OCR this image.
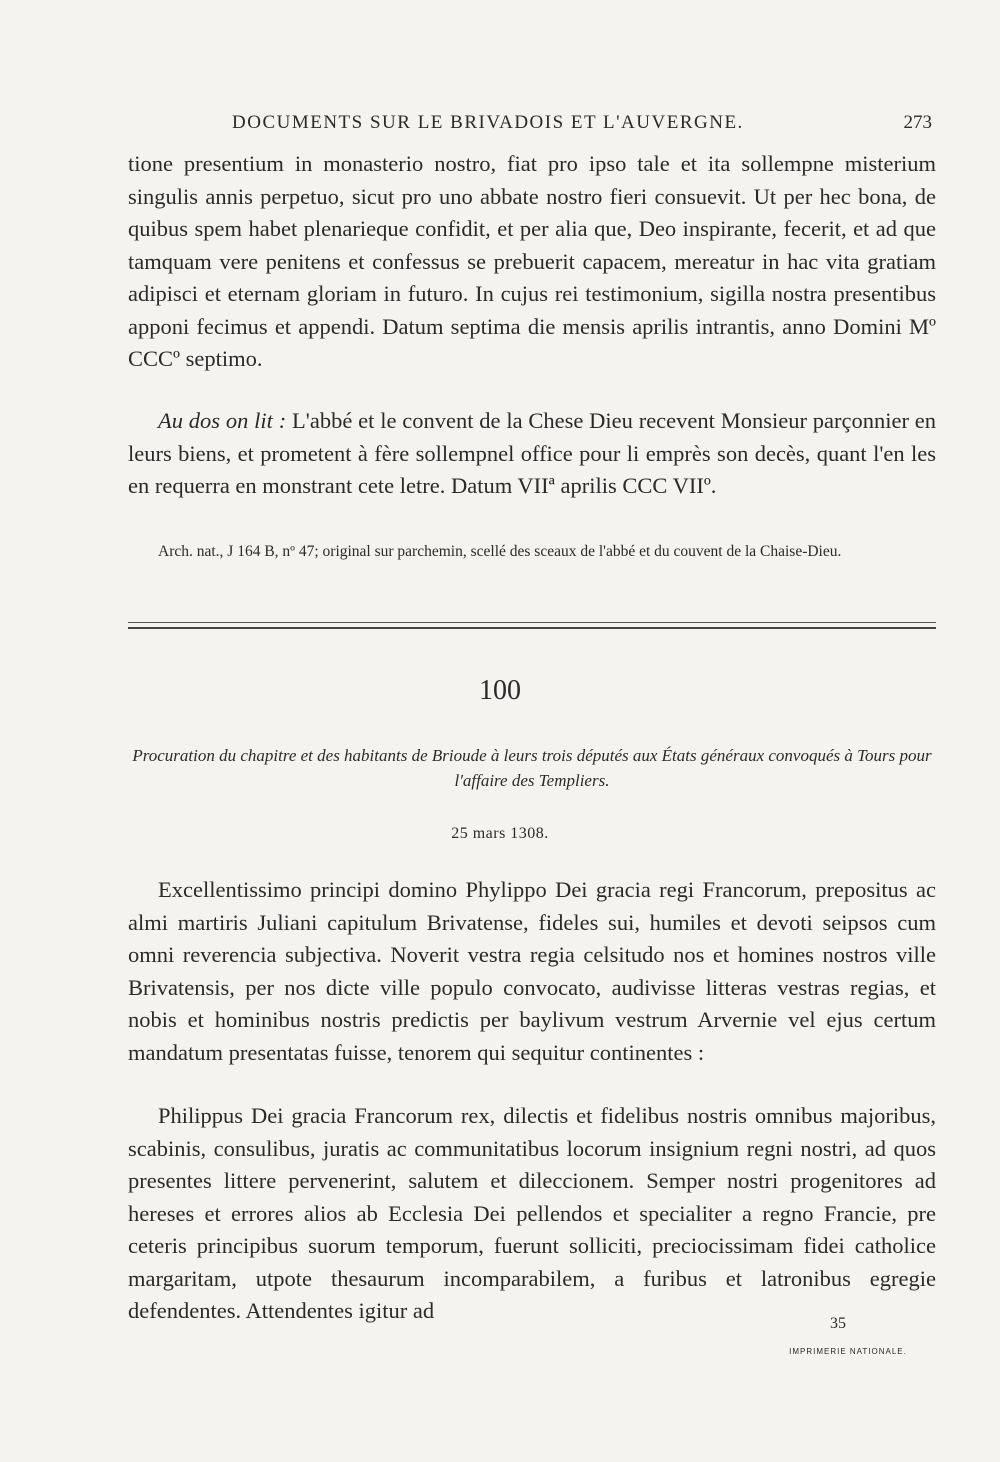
DOCUMENTS SUR LE BRIVADOIS ET L'AUVERGNE.	273

tione presentium in monasterio nostro, fiat pro ipso tale et ita sollempne misterium singulis annis perpetuo, sicut pro uno abbate nostro fieri consuevit. Ut per hec bona, de quibus spem habet plenarieque confidit, et per alia que, Deo inspirante, fecerit, et ad que tamquam vere penitens et confessus se prebuerit capacem, mereatur in hac vita gratiam adipisci et eternam gloriam in futuro. In cujus rei testimonium, sigilla nostra presentibus apponi fecimus et appendi. Datum septima die mensis aprilis intrantis, anno Domini Mº CCCº septimo.

Au dos on lit : L'abbé et le convent de la Chese Dieu recevent Monsieur parçonnier en leurs biens, et prometent à fère sollempnel office pour li emprès son decès, quant l'en les en requerra en monstrant cete letre. Datum VIIª aprilis CCC VIIº.

Arch. nat., J 164 B, nº 47; original sur parchemin, scellé des sceaux de l'abbé et du couvent de la Chaise-Dieu.

100
Procuration du chapitre et des habitants de Brioude à leurs trois députés aux États généraux convoqués à Tours pour l'affaire des Templiers.
25 mars 1308.

Excellentissimo principi domino Phylippo Dei gracia regi Francorum, prepositus ac almi martiris Juliani capitulum Brivatense, fideles sui, humiles et devoti seipsos cum omni reverencia subjectiva. Noverit vestra regia celsitudo nos et homines nostros ville Brivatensis, per nos dicte ville populo convocato, audivisse litteras vestras regias, et nobis et hominibus nostris predictis per baylivum vestrum Arvernie vel ejus certum mandatum presentatas fuisse, tenorem qui sequitur continentes :

Philippus Dei gracia Francorum rex, dilectis et fidelibus nostris omnibus majoribus, scabinis, consulibus, juratis ac communitatibus locorum insignium regni nostri, ad quos presentes littere pervenerint, salutem et dileccionem. Semper nostri progenitores ad hereses et errores alios ab Ecclesia Dei pellendos et specialiter a regno Francie, pre ceteris principibus suorum temporum, fuerunt solliciti, preciocissimam fidei catholice margaritam, utpote thesaurum incomparabilem, a furibus et latronibus egregie defendentes. Attendentes igitur ad

35
IMPRIMERIE NATIONALE.
